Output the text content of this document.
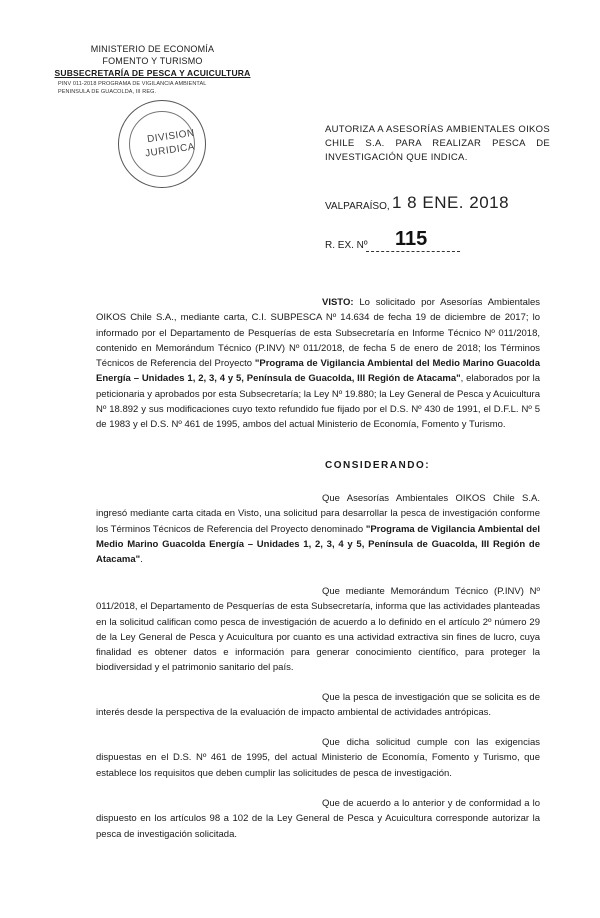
MINISTERIO DE ECONOMÍA
FOMENTO Y TURISMO
SUBSECRETARÍA DE PESCA Y ACUICULTURA
PINV 011-2018 PROGRAMA DE VIGILANCIA AMBIENTAL
PENINSULA DE GUACOLDA, III REG.
DIVISION
JURIDICA
AUTORIZA A ASESORÍAS AMBIENTALES OIKOS CHILE S.A. PARA REALIZAR PESCA DE INVESTIGACIÓN QUE INDICA.
VALPARAÍSO, 1 8 ENE. 2018
R. EX. Nº 115
VISTO: Lo solicitado por Asesorías Ambientales OIKOS Chile S.A., mediante carta, C.I. SUBPESCA Nº 14.634 de fecha 19 de diciembre de 2017; lo informado por el Departamento de Pesquerías de esta Subsecretaría en Informe Técnico Nº 011/2018, contenido en Memorándum Técnico (P.INV) Nº 011/2018, de fecha 5 de enero de 2018; los Términos Técnicos de Referencia del Proyecto "Programa de Vigilancia Ambiental del Medio Marino Guacolda Energía – Unidades 1, 2, 3, 4 y 5, Península de Guacolda, III Región de Atacama", elaborados por la peticionaria y aprobados por esta Subsecretaría; la Ley Nº 19.880; la Ley General de Pesca y Acuicultura Nº 18.892 y sus modificaciones cuyo texto refundido fue fijado por el D.S. Nº 430 de 1991, el D.F.L. Nº 5 de 1983 y el D.S. Nº 461 de 1995, ambos del actual Ministerio de Economía, Fomento y Turismo.
CONSIDERANDO:
Que Asesorías Ambientales OIKOS Chile S.A. ingresó mediante carta citada en Visto, una solicitud para desarrollar la pesca de investigación conforme los Términos Técnicos de Referencia del Proyecto denominado "Programa de Vigilancia Ambiental del Medio Marino Guacolda Energía – Unidades 1, 2, 3, 4 y 5, Península de Guacolda, III Región de Atacama".
Que mediante Memorándum Técnico (P.INV) Nº 011/2018, el Departamento de Pesquerías de esta Subsecretaría, informa que las actividades planteadas en la solicitud califican como pesca de investigación de acuerdo a lo definido en el artículo 2º número 29 de la Ley General de Pesca y Acuicultura por cuanto es una actividad extractiva sin fines de lucro, cuya finalidad es obtener datos e información para generar conocimiento científico, para proteger la biodiversidad y el patrimonio sanitario del país.
Que la pesca de investigación que se solicita es de interés desde la perspectiva de la evaluación de impacto ambiental de actividades antrópicas.
Que dicha solicitud cumple con las exigencias dispuestas en el D.S. Nº 461 de 1995, del actual Ministerio de Economía, Fomento y Turismo, que establece los requisitos que deben cumplir las solicitudes de pesca de investigación.
Que de acuerdo a lo anterior y de conformidad a lo dispuesto en los artículos 98 a 102 de la Ley General de Pesca y Acuicultura corresponde autorizar la pesca de investigación solicitada.
